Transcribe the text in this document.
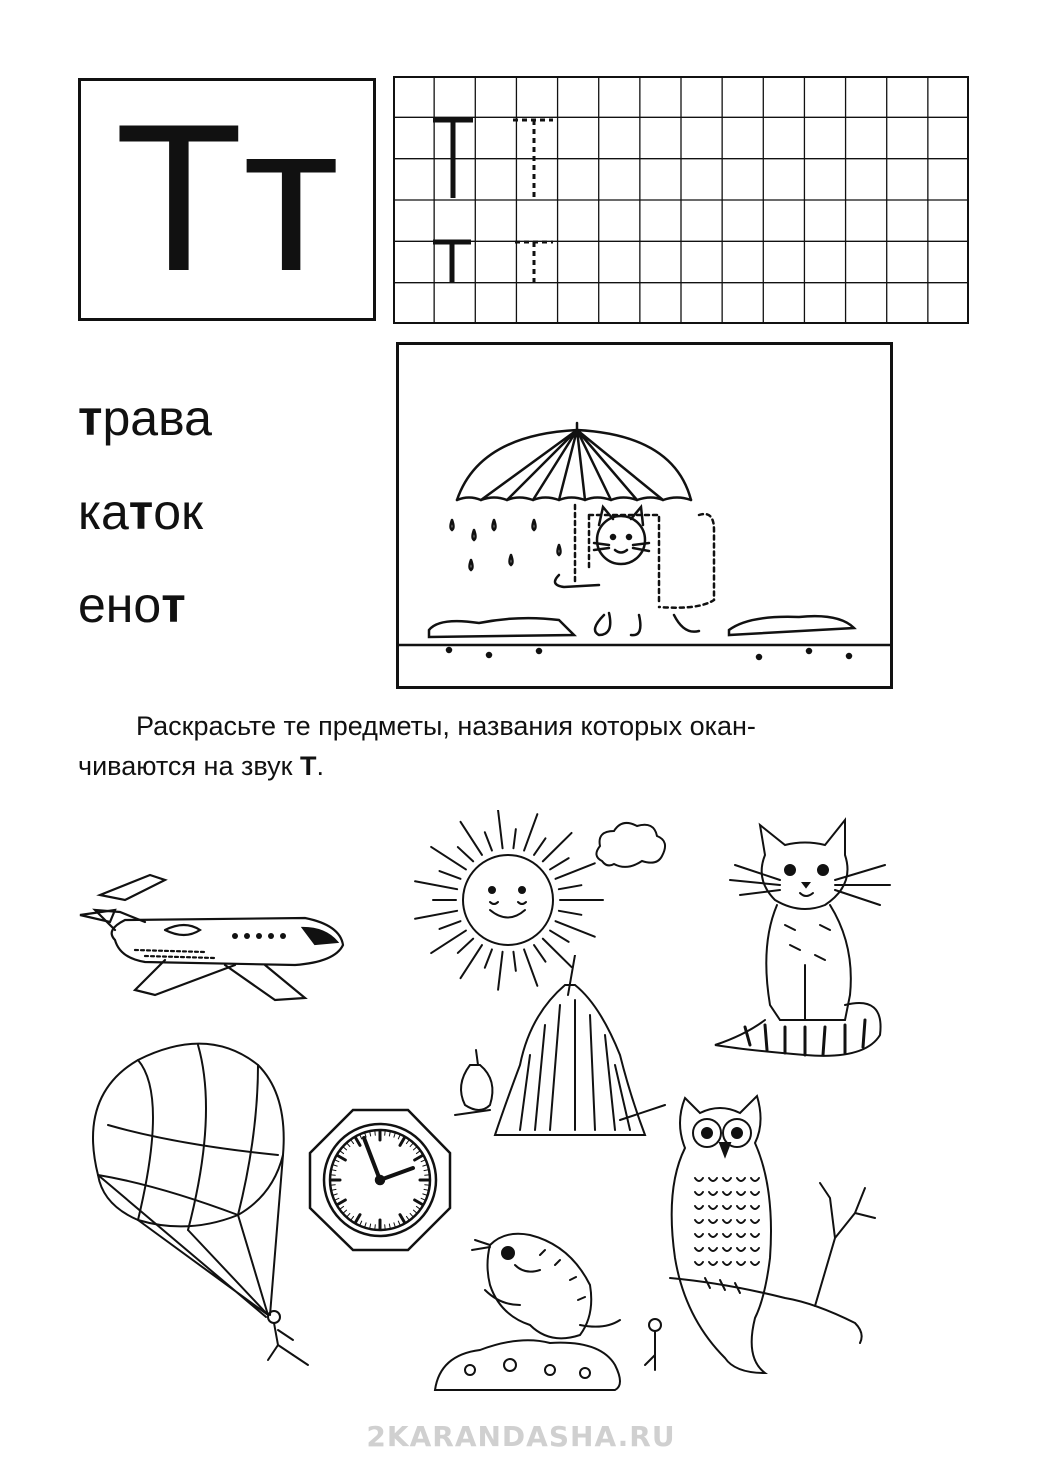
Тт
трава
каток
енот
Раскрасьте те предметы, названия которых окан-
чиваются на звук Т.
2KARANDASHA.RU
